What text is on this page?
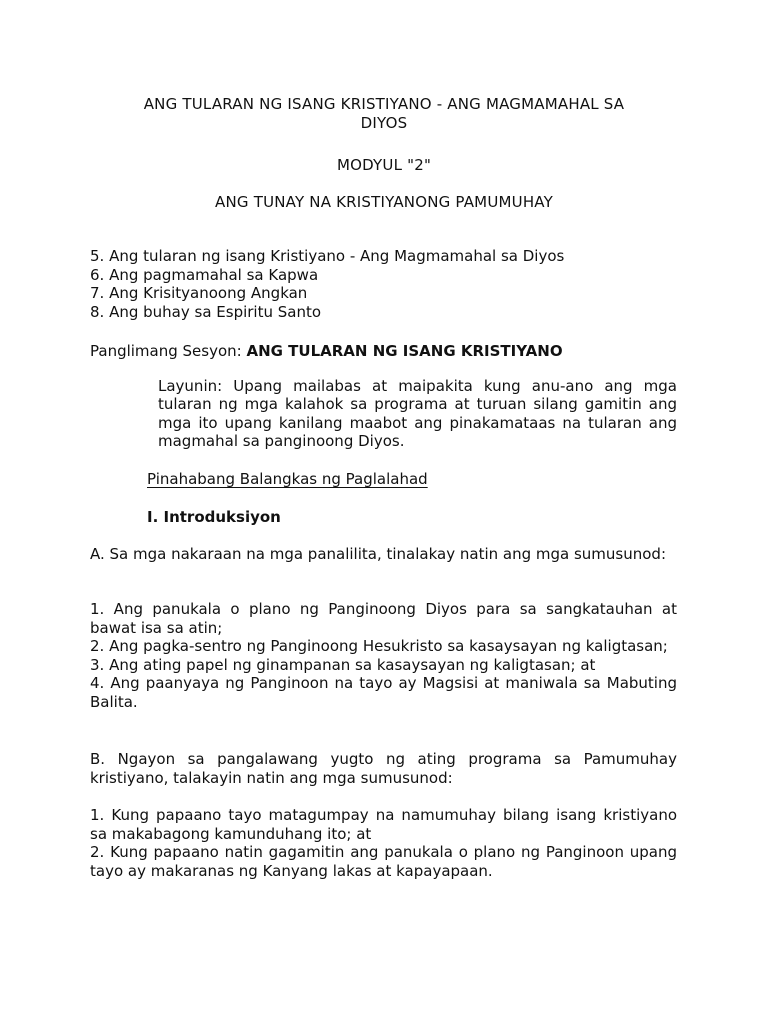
ANG TULARAN NG ISANG KRISTIYANO - ANG MAGMAMAHAL SA
DIYOS
MODYUL "2"
ANG TUNAY NA KRISTIYANONG PAMUMUHAY

5. Ang tularan ng isang Kristiyano - Ang Magmamahal sa Diyos

6. Ang pagmamahal sa Kapwa

7. Ang Krisityanoong Angkan

8. Ang buhay sa Espiritu Santo

Panglimang Sesyon: ANG TULARAN NG ISANG KRISTIYANO
Layunin: Upang mailabas at maipakita kung anu-ano ang mga tularan ng mga kalahok sa programa at turuan silang gamitin ang mga ito upang kanilang maabot ang pinakamataas na tularan ang magmahal sa panginoong Diyos.
Pinahabang Balangkas ng Paglalahad
I. Introduksiyon
A. Sa mga nakaraan na mga panalilita, tinalakay natin ang mga sumusunod:

1. Ang panukala o plano ng Panginoong Diyos para sa sangkatauhan at bawat isa sa atin;

2. Ang pagka-sentro ng Panginoong Hesukristo sa kasaysayan ng kaligtasan;

3. Ang ating papel ng ginampanan sa kasaysayan ng kaligtasan; at

4. Ang paanyaya ng Panginoon na tayo ay Magsisi at maniwala sa Mabuting Balita.

B. Ngayon sa pangalawang yugto ng ating programa sa Pamumuhay kristiyano, talakayin natin ang mga sumusunod:

1. Kung papaano tayo matagumpay na namumuhay bilang isang kristiyano sa makabagong kamunduhang ito; at

2. Kung papaano natin gagamitin ang panukala o plano ng Panginoon upang tayo ay makaranas ng Kanyang lakas at kapayapaan.
